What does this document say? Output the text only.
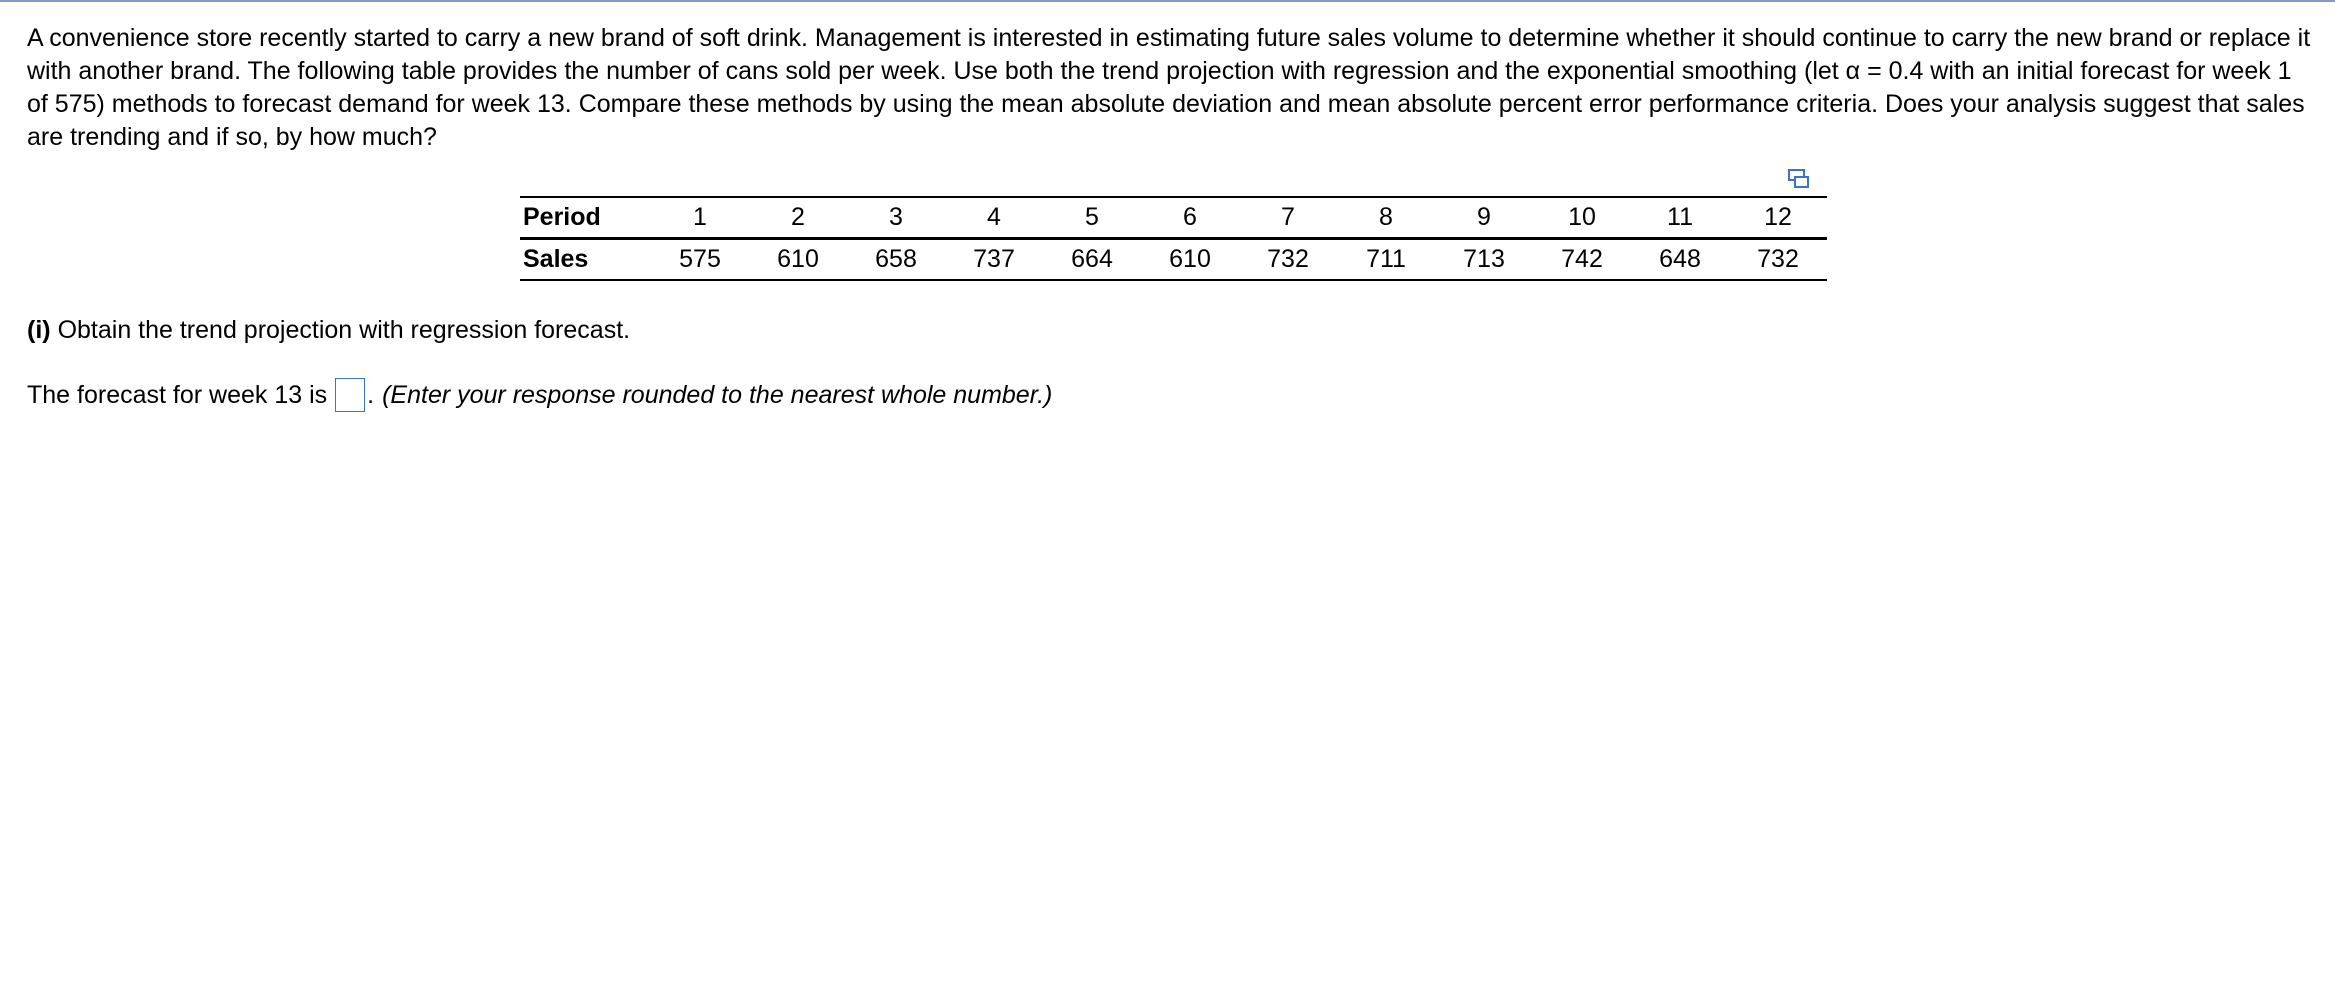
A convenience store recently started to carry a new brand of soft drink. Management is interested in estimating future sales volume to determine whether it should continue to carry the new brand or replace it with another brand. The following table provides the number of cans sold per week. Use both the trend projection with regression and the exponential smoothing (let α = 0.4 with an initial forecast for week 1 of 575) methods to forecast demand for week 13. Compare these methods by using the mean absolute deviation and mean absolute percent error performance criteria. Does your analysis suggest that sales are trending and if so, by how much?

Period	1	2	3	4	5	6	7	8	9	10	11	12
Sales	575	610	658	737	664	610	732	711	713	742	648	732

(i) Obtain the trend projection with regression forecast.

The forecast for week 13 is . (Enter your response rounded to the nearest whole number.)
